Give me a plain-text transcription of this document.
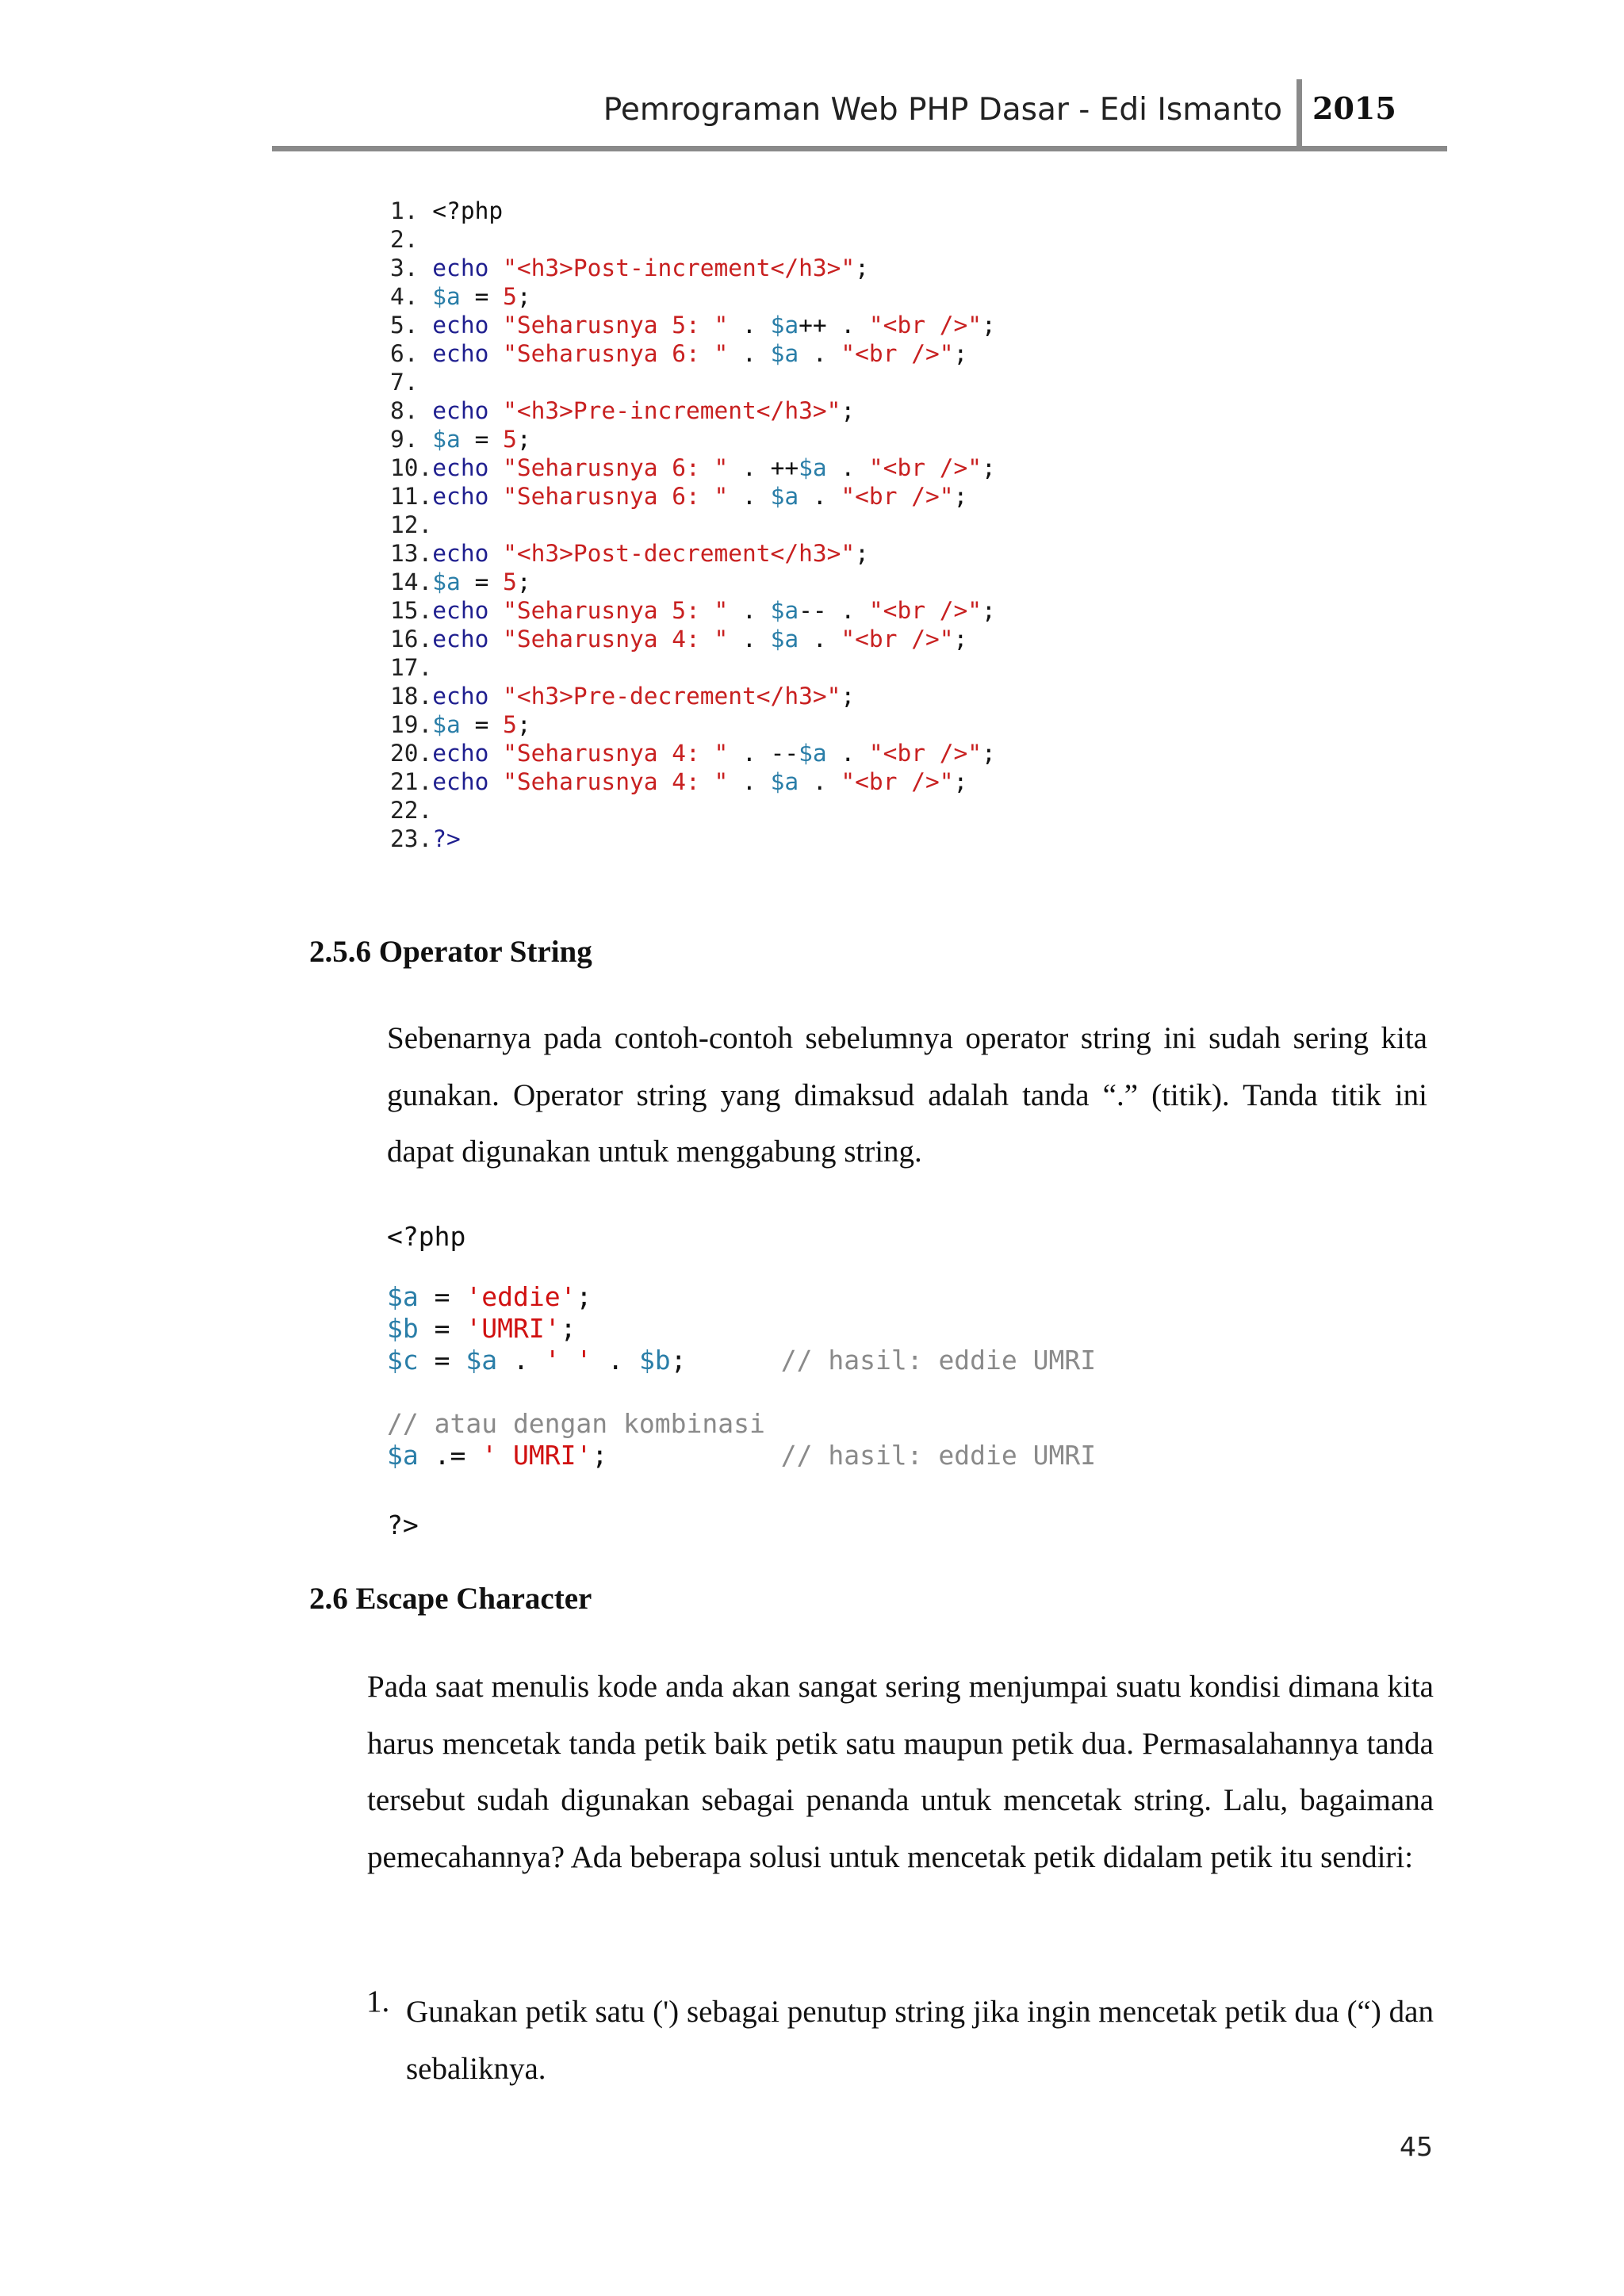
Pemrograman Web PHP Dasar - Edi Ismanto 2015
1. <?php
2.
3. echo "<h3>Post-increment</h3>";
4. $a = 5;
5. echo "Seharusnya 5: " . $a++ . "<br />";
6. echo "Seharusnya 6: " . $a . "<br />";
7.
8. echo "<h3>Pre-increment</h3>";
9. $a = 5;
10.echo "Seharusnya 6: " . ++$a . "<br />";
11.echo "Seharusnya 6: " . $a . "<br />";
12.
13.echo "<h3>Post-decrement</h3>";
14.$a = 5;
15.echo "Seharusnya 5: " . $a-- . "<br />";
16.echo "Seharusnya 4: " . $a . "<br />";
17.
18.echo "<h3>Pre-decrement</h3>";
19.$a = 5;
20.echo "Seharusnya 4: " . --$a . "<br />";
21.echo "Seharusnya 4: " . $a . "<br />";
22.
23.?>
2.5.6 Operator String
Sebenarnya pada contoh-contoh sebelumnya operator string ini sudah sering kita gunakan. Operator string yang dimaksud adalah tanda “.” (titik). Tanda titik ini dapat digunakan untuk menggabung string.
<?php
$a = 'eddie';
$b = 'UMRI';
$c = $a . ' ' . $b;      // hasil: eddie UMRI
// atau dengan kombinasi
$a .= ' UMRI';           // hasil: eddie UMRI
?>
2.6 Escape Character
Pada saat menulis kode anda akan sangat sering menjumpai suatu kondisi dimana kita harus mencetak tanda petik baik petik satu maupun petik dua. Permasalahannya tanda tersebut sudah digunakan sebagai penanda untuk mencetak string. Lalu, bagaimana pemecahannya? Ada beberapa solusi untuk mencetak petik didalam petik itu sendiri:
1. Gunakan petik satu (') sebagai penutup string jika ingin mencetak petik dua (“) dan sebaliknya.
45
